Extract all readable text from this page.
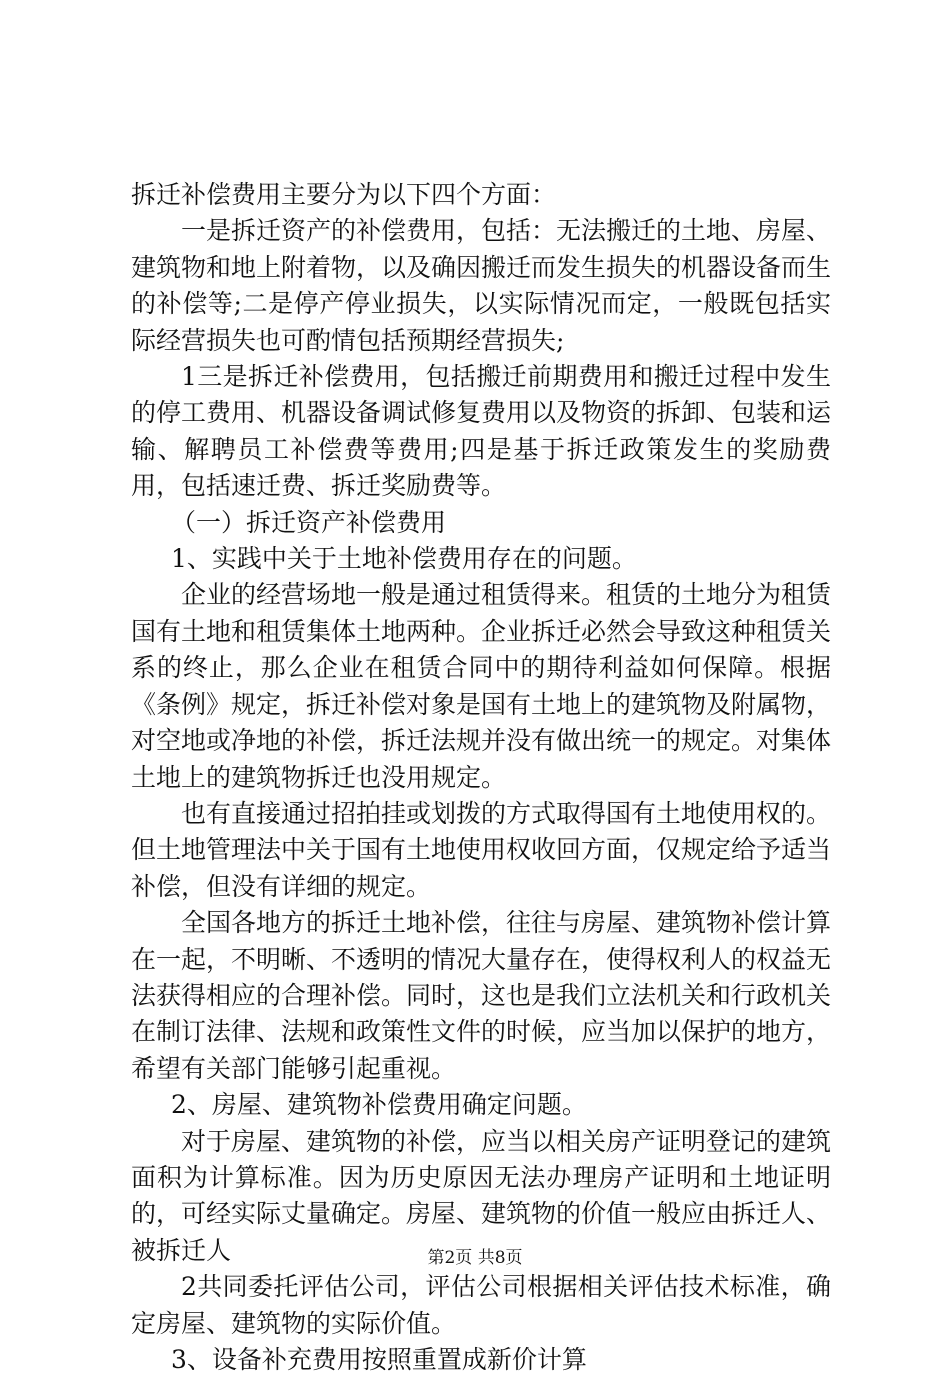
拆迁补偿费用主要分为以下四个方面：

一是拆迁资产的补偿费用，包括：无法搬迁的土地、房屋、建筑物和地上附着物，以及确因搬迁而发生损失的机器设备而生的补偿等;二是停产停业损失，以实际情况而定，一般既包括实际经营损失也可酌情包括预期经营损失;

1三是拆迁补偿费用，包括搬迁前期费用和搬迁过程中发生的停工费用、机器设备调试修复费用以及物资的拆卸、包装和运输、解聘员工补偿费等费用;四是基于拆迁政策发生的奖励费用，包括速迁费、拆迁奖励费等。

（一）拆迁资产补偿费用

1、实践中关于土地补偿费用存在的问题。

企业的经营场地一般是通过租赁得来。租赁的土地分为租赁国有土地和租赁集体土地两种。企业拆迁必然会导致这种租赁关系的终止，那么企业在租赁合同中的期待利益如何保障。根据《条例》规定，拆迁补偿对象是国有土地上的建筑物及附属物，对空地或净地的补偿，拆迁法规并没有做出统一的规定。对集体土地上的建筑物拆迁也没用规定。

也有直接通过招拍挂或划拨的方式取得国有土地使用权的。但土地管理法中关于国有土地使用权收回方面，仅规定给予适当补偿，但没有详细的规定。

全国各地方的拆迁土地补偿，往往与房屋、建筑物补偿计算在一起，不明晰、不透明的情况大量存在，使得权利人的权益无法获得相应的合理补偿。同时，这也是我们立法机关和行政机关在制订法律、法规和政策性文件的时候，应当加以保护的地方，希望有关部门能够引起重视。

2、房屋、建筑物补偿费用确定问题。

对于房屋、建筑物的补偿，应当以相关房产证明登记的建筑面积为计算标准。因为历史原因无法办理房产证明和土地证明的，可经实际丈量确定。房屋、建筑物的价值一般应由拆迁人、被拆迁人

2共同委托评估公司，评估公司根据相关评估技术标准，确定房屋、建筑物的实际价值。

3、设备补充费用按照重置成新价计算

第2页 共8页
